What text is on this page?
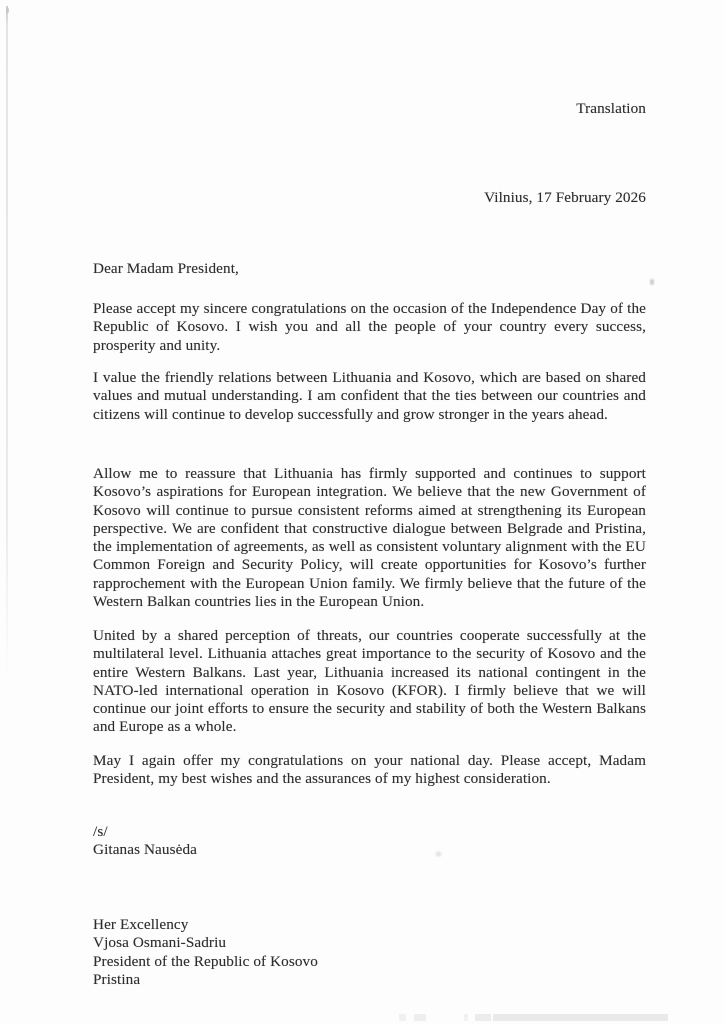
Translation

Vilnius, 17 February 2026

Dear Madam President,

Please accept my sincere congratulations on the occasion of the Independence Day of the Republic of Kosovo. I wish you and all the people of your country every success, prosperity and unity.

I value the friendly relations between Lithuania and Kosovo, which are based on shared values and mutual understanding. I am confident that the ties between our countries and citizens will continue to develop successfully and grow stronger in the years ahead.

Allow me to reassure that Lithuania has firmly supported and continues to support Kosovo’s aspirations for European integration. We believe that the new Government of Kosovo will continue to pursue consistent reforms aimed at strengthening its European perspective. We are confident that constructive dialogue between Belgrade and Pristina, the implementation of agreements, as well as consistent voluntary alignment with the EU Common Foreign and Security Policy, will create opportunities for Kosovo’s further rapprochement with the European Union family. We firmly believe that the future of the Western Balkan countries lies in the European Union.

United by a shared perception of threats, our countries cooperate successfully at the multilateral level. Lithuania attaches great importance to the security of Kosovo and the entire Western Balkans. Last year, Lithuania increased its national contingent in the NATO-led international operation in Kosovo (KFOR). I firmly believe that we will continue our joint efforts to ensure the security and stability of both the Western Balkans and Europe as a whole.

May I again offer my congratulations on your national day. Please accept, Madam President, my best wishes and the assurances of my highest consideration.

/s/

Gitanas Nausėda

Her Excellency

Vjosa Osmani-Sadriu

President of the Republic of Kosovo

Pristina
